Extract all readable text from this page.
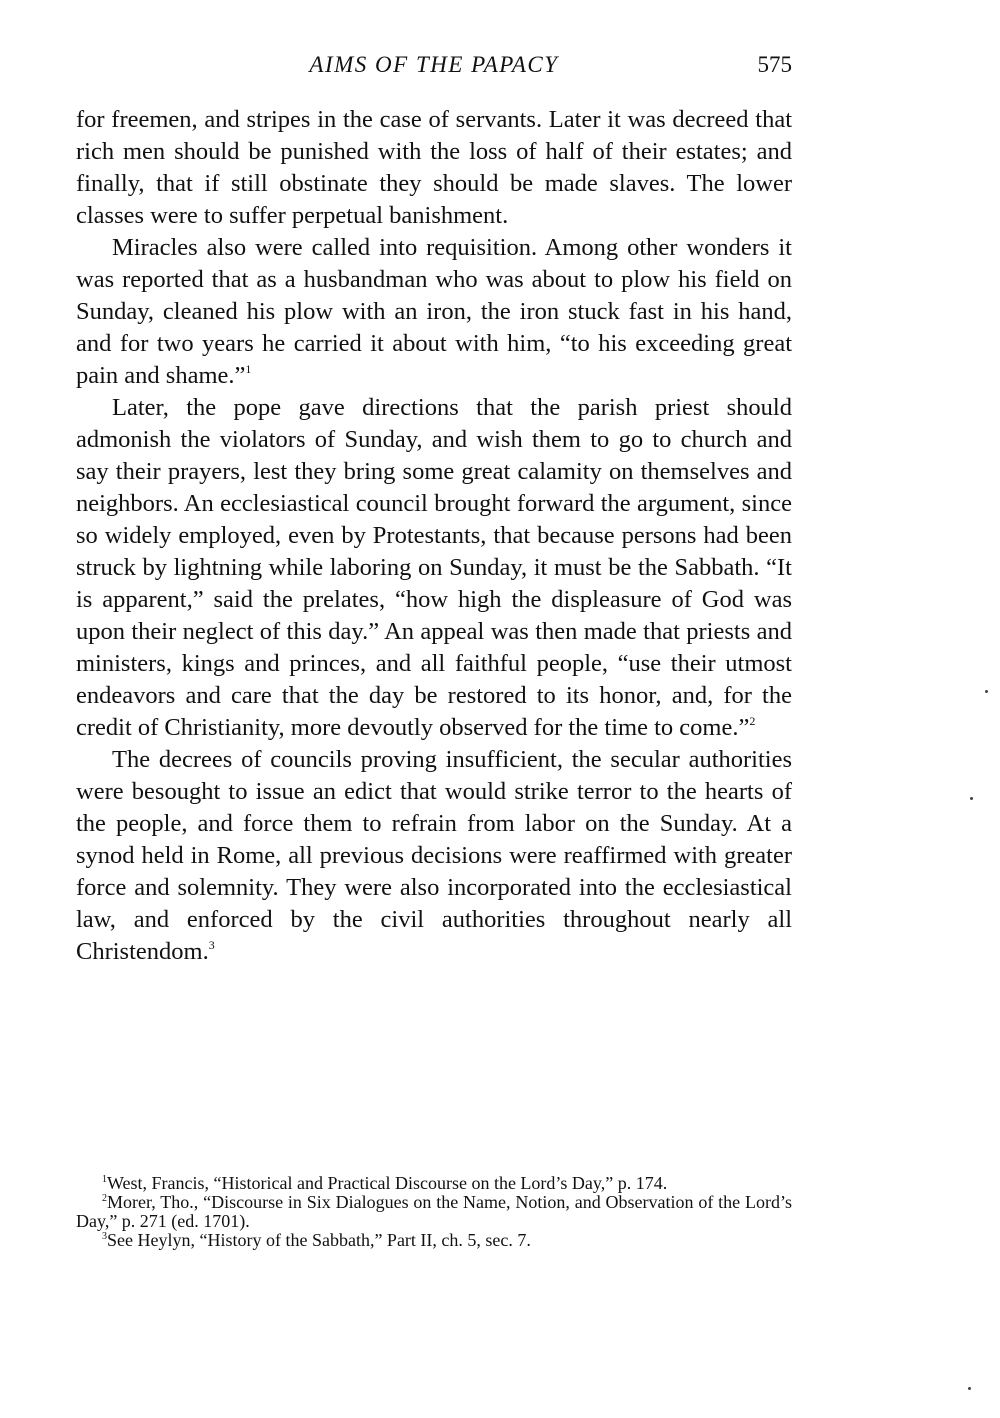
AIMS OF THE PAPACY	575

for freemen, and stripes in the case of servants. Later it was decreed that rich men should be punished with the loss of half of their estates; and finally, that if still obstinate they should be made slaves. The lower classes were to suffer perpetual banishment.

Miracles also were called into requisition. Among other wonders it was reported that as a husbandman who was about to plow his field on Sunday, cleaned his plow with an iron, the iron stuck fast in his hand, and for two years he carried it about with him, “to his exceeding great pain and shame.”$^1$

Later, the pope gave directions that the parish priest should admonish the violators of Sunday, and wish them to go to church and say their prayers, lest they bring some great calamity on themselves and neighbors. An ecclesiastical council brought forward the argument, since so widely employed, even by Protestants, that because persons had been struck by lightning while laboring on Sunday, it must be the Sabbath. “It is apparent,” said the prelates, “how high the displeasure of God was upon their neglect of this day.” An appeal was then made that priests and ministers, kings and princes, and all faithful people, “use their utmost endeavors and care that the day be restored to its honor, and, for the credit of Christianity, more devoutly observed for the time to come.”$^2$

The decrees of councils proving insufficient, the secular authorities were besought to issue an edict that would strike terror to the hearts of the people, and force them to refrain from labor on the Sunday. At a synod held in Rome, all previous decisions were reaffirmed with greater force and solemnity. They were also incorporated into the ecclesiastical law, and enforced by the civil authorities throughout nearly all Christendom.$^3$

$^1$West, Francis, “Historical and Practical Discourse on the Lord’s Day,” p. 174.

$^2$Morer, Tho., “Discourse in Six Dialogues on the Name, Notion, and Observation of the Lord’s Day,” p. 271 (ed. 1701).

$^3$See Heylyn, “History of the Sabbath,” Part II, ch. 5, sec. 7.
